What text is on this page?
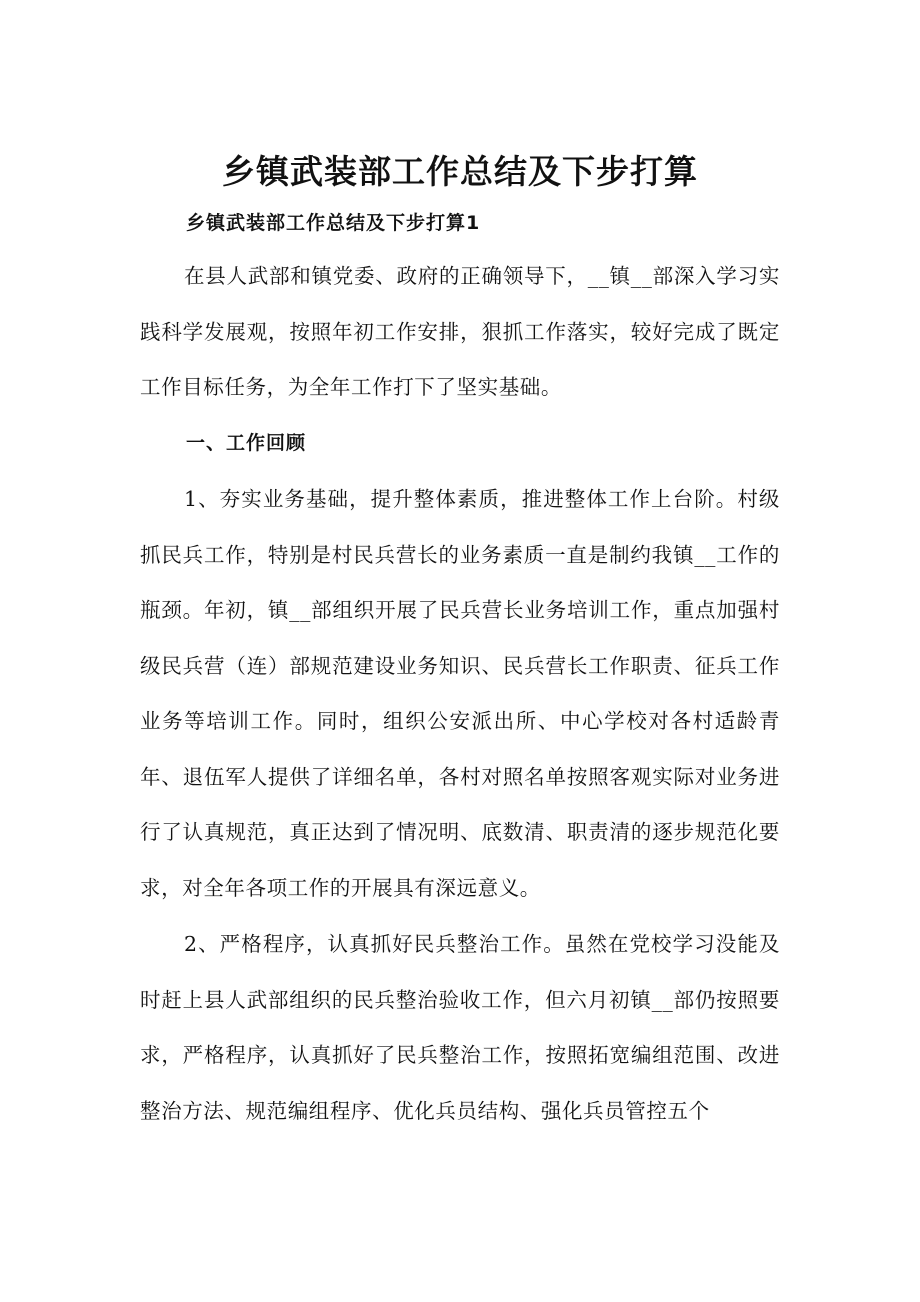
乡镇武装部工作总结及下步打算
乡镇武装部工作总结及下步打算1

在县人武部和镇党委、政府的正确领导下，__镇__部深入学习实践科学发展观，按照年初工作安排，狠抓工作落实，较好完成了既定工作目标任务，为全年工作打下了坚实基础。

一、工作回顾

1、夯实业务基础，提升整体素质，推进整体工作上台阶。村级抓民兵工作，特别是村民兵营长的业务素质一直是制约我镇__工作的瓶颈。年初，镇__部组织开展了民兵营长业务培训工作，重点加强村级民兵营（连）部规范建设业务知识、民兵营长工作职责、征兵工作业务等培训工作。同时，组织公安派出所、中心学校对各村适龄青年、退伍军人提供了详细名单，各村对照名单按照客观实际对业务进行了认真规范，真正达到了情况明、底数清、职责清的逐步规范化要求，对全年各项工作的开展具有深远意义。

2、严格程序，认真抓好民兵整治工作。虽然在党校学习没能及时赶上县人武部组织的民兵整治验收工作，但六月初镇__部仍按照要求，严格程序，认真抓好了民兵整治工作，按照拓宽编组范围、改进整治方法、规范编组程序、优化兵员结构、强化兵员管控五个
